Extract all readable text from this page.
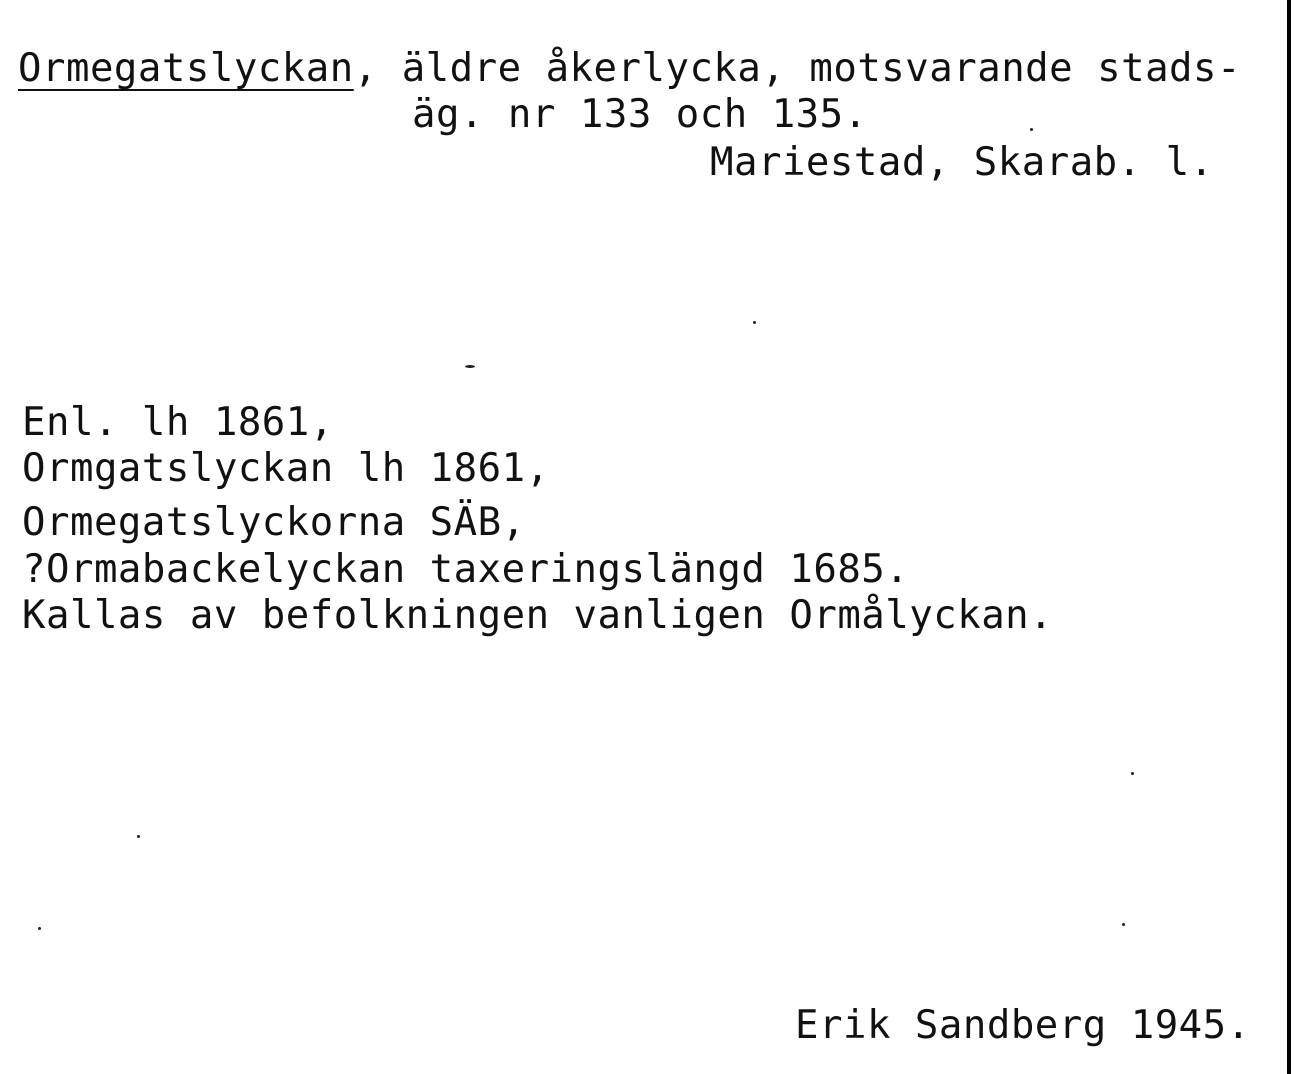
Ormegatslyckan, äldre åkerlycka, motsvarande stads-
äg. nr 133 och 135.
Mariestad, Skarab. l.
Enl. lh 1861,
Ormgatslyckan lh 1861,
Ormegatslyckorna SÄB,
?Ormabackelyckan taxeringslängd 1685.
Kallas av befolkningen vanligen Ormålyckan.
Erik Sandberg 1945.
